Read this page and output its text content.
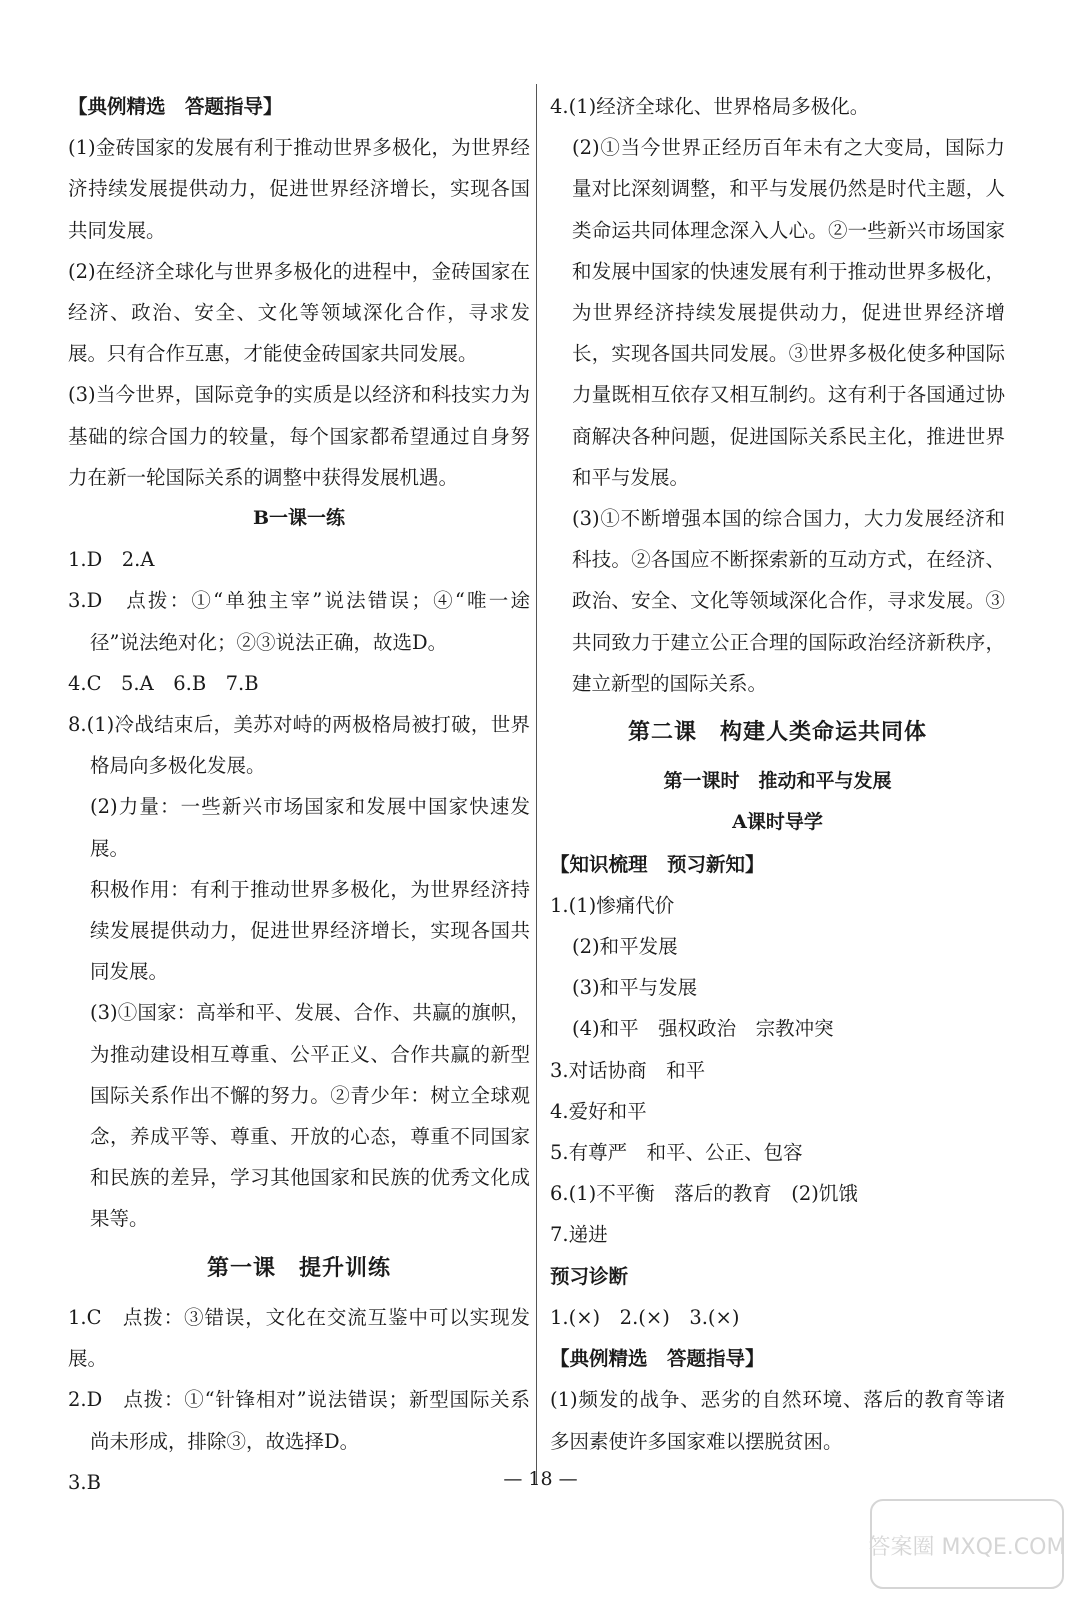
【典例精选　答题指导】

(1)金砖国家的发展有利于推动世界多极化，为世界经济持续发展提供动力，促进世界经济增长，实现各国共同发展。

(2)在经济全球化与世界多极化的进程中，金砖国家在经济、政治、安全、文化等领域深化合作，寻求发展。只有合作互惠，才能使金砖国家共同发展。

(3)当今世界，国际竞争的实质是以经济和科技实力为基础的综合国力的较量，每个国家都希望通过自身努力在新一轮国际关系的调整中获得发展机遇。

B一课一练

1.D　2.A

3.D　点拨：①“单独主宰”说法错误；④“唯一途径”说法绝对化；②③说法正确，故选D。

4.C　5.A　6.B　7.B

8.(1)冷战结束后，美苏对峙的两极格局被打破，世界格局向多极化发展。

(2)力量：一些新兴市场国家和发展中国家快速发展。

积极作用：有利于推动世界多极化，为世界经济持续发展提供动力，促进世界经济增长，实现各国共同发展。

(3)①国家：高举和平、发展、合作、共赢的旗帜，为推动建设相互尊重、公平正义、合作共赢的新型国际关系作出不懈的努力。②青少年：树立全球观念，养成平等、尊重、开放的心态，尊重不同国家和民族的差异，学习其他国家和民族的优秀文化成果等。

第一课　提升训练

1.C　点拨：③错误，文化在交流互鉴中可以实现发展。

2.D　点拨：①“针锋相对”说法错误；新型国际关系尚未形成，排除③，故选择D。

3.B

4.(1)经济全球化、世界格局多极化。

(2)①当今世界正经历百年未有之大变局，国际力量对比深刻调整，和平与发展仍然是时代主题，人类命运共同体理念深入人心。②一些新兴市场国家和发展中国家的快速发展有利于推动世界多极化，为世界经济持续发展提供动力，促进世界经济增长，实现各国共同发展。③世界多极化使多种国际力量既相互依存又相互制约。这有利于各国通过协商解决各种问题，促进国际关系民主化，推进世界和平与发展。

(3)①不断增强本国的综合国力，大力发展经济和科技。②各国应不断探索新的互动方式，在经济、政治、安全、文化等领域深化合作，寻求发展。③共同致力于建立公正合理的国际政治经济新秩序，建立新型的国际关系。

第二课　构建人类命运共同体

第一课时　推动和平与发展

A课时导学

【知识梳理　预习新知】

1.(1)惨痛代价

(2)和平发展

(3)和平与发展

(4)和平　强权政治　宗教冲突

3.对话协商　和平

4.爱好和平

5.有尊严　和平、公正、包容

6.(1)不平衡　落后的教育　(2)饥饿

7.递进

预习诊断

1.(×)　2.(×)　3.(×)

【典例精选　答题指导】

(1)频发的战争、恶劣的自然环境、落后的教育等诸多因素使许多国家难以摆脱贫困。

— 18 —
答案圈 MXQE.COM
